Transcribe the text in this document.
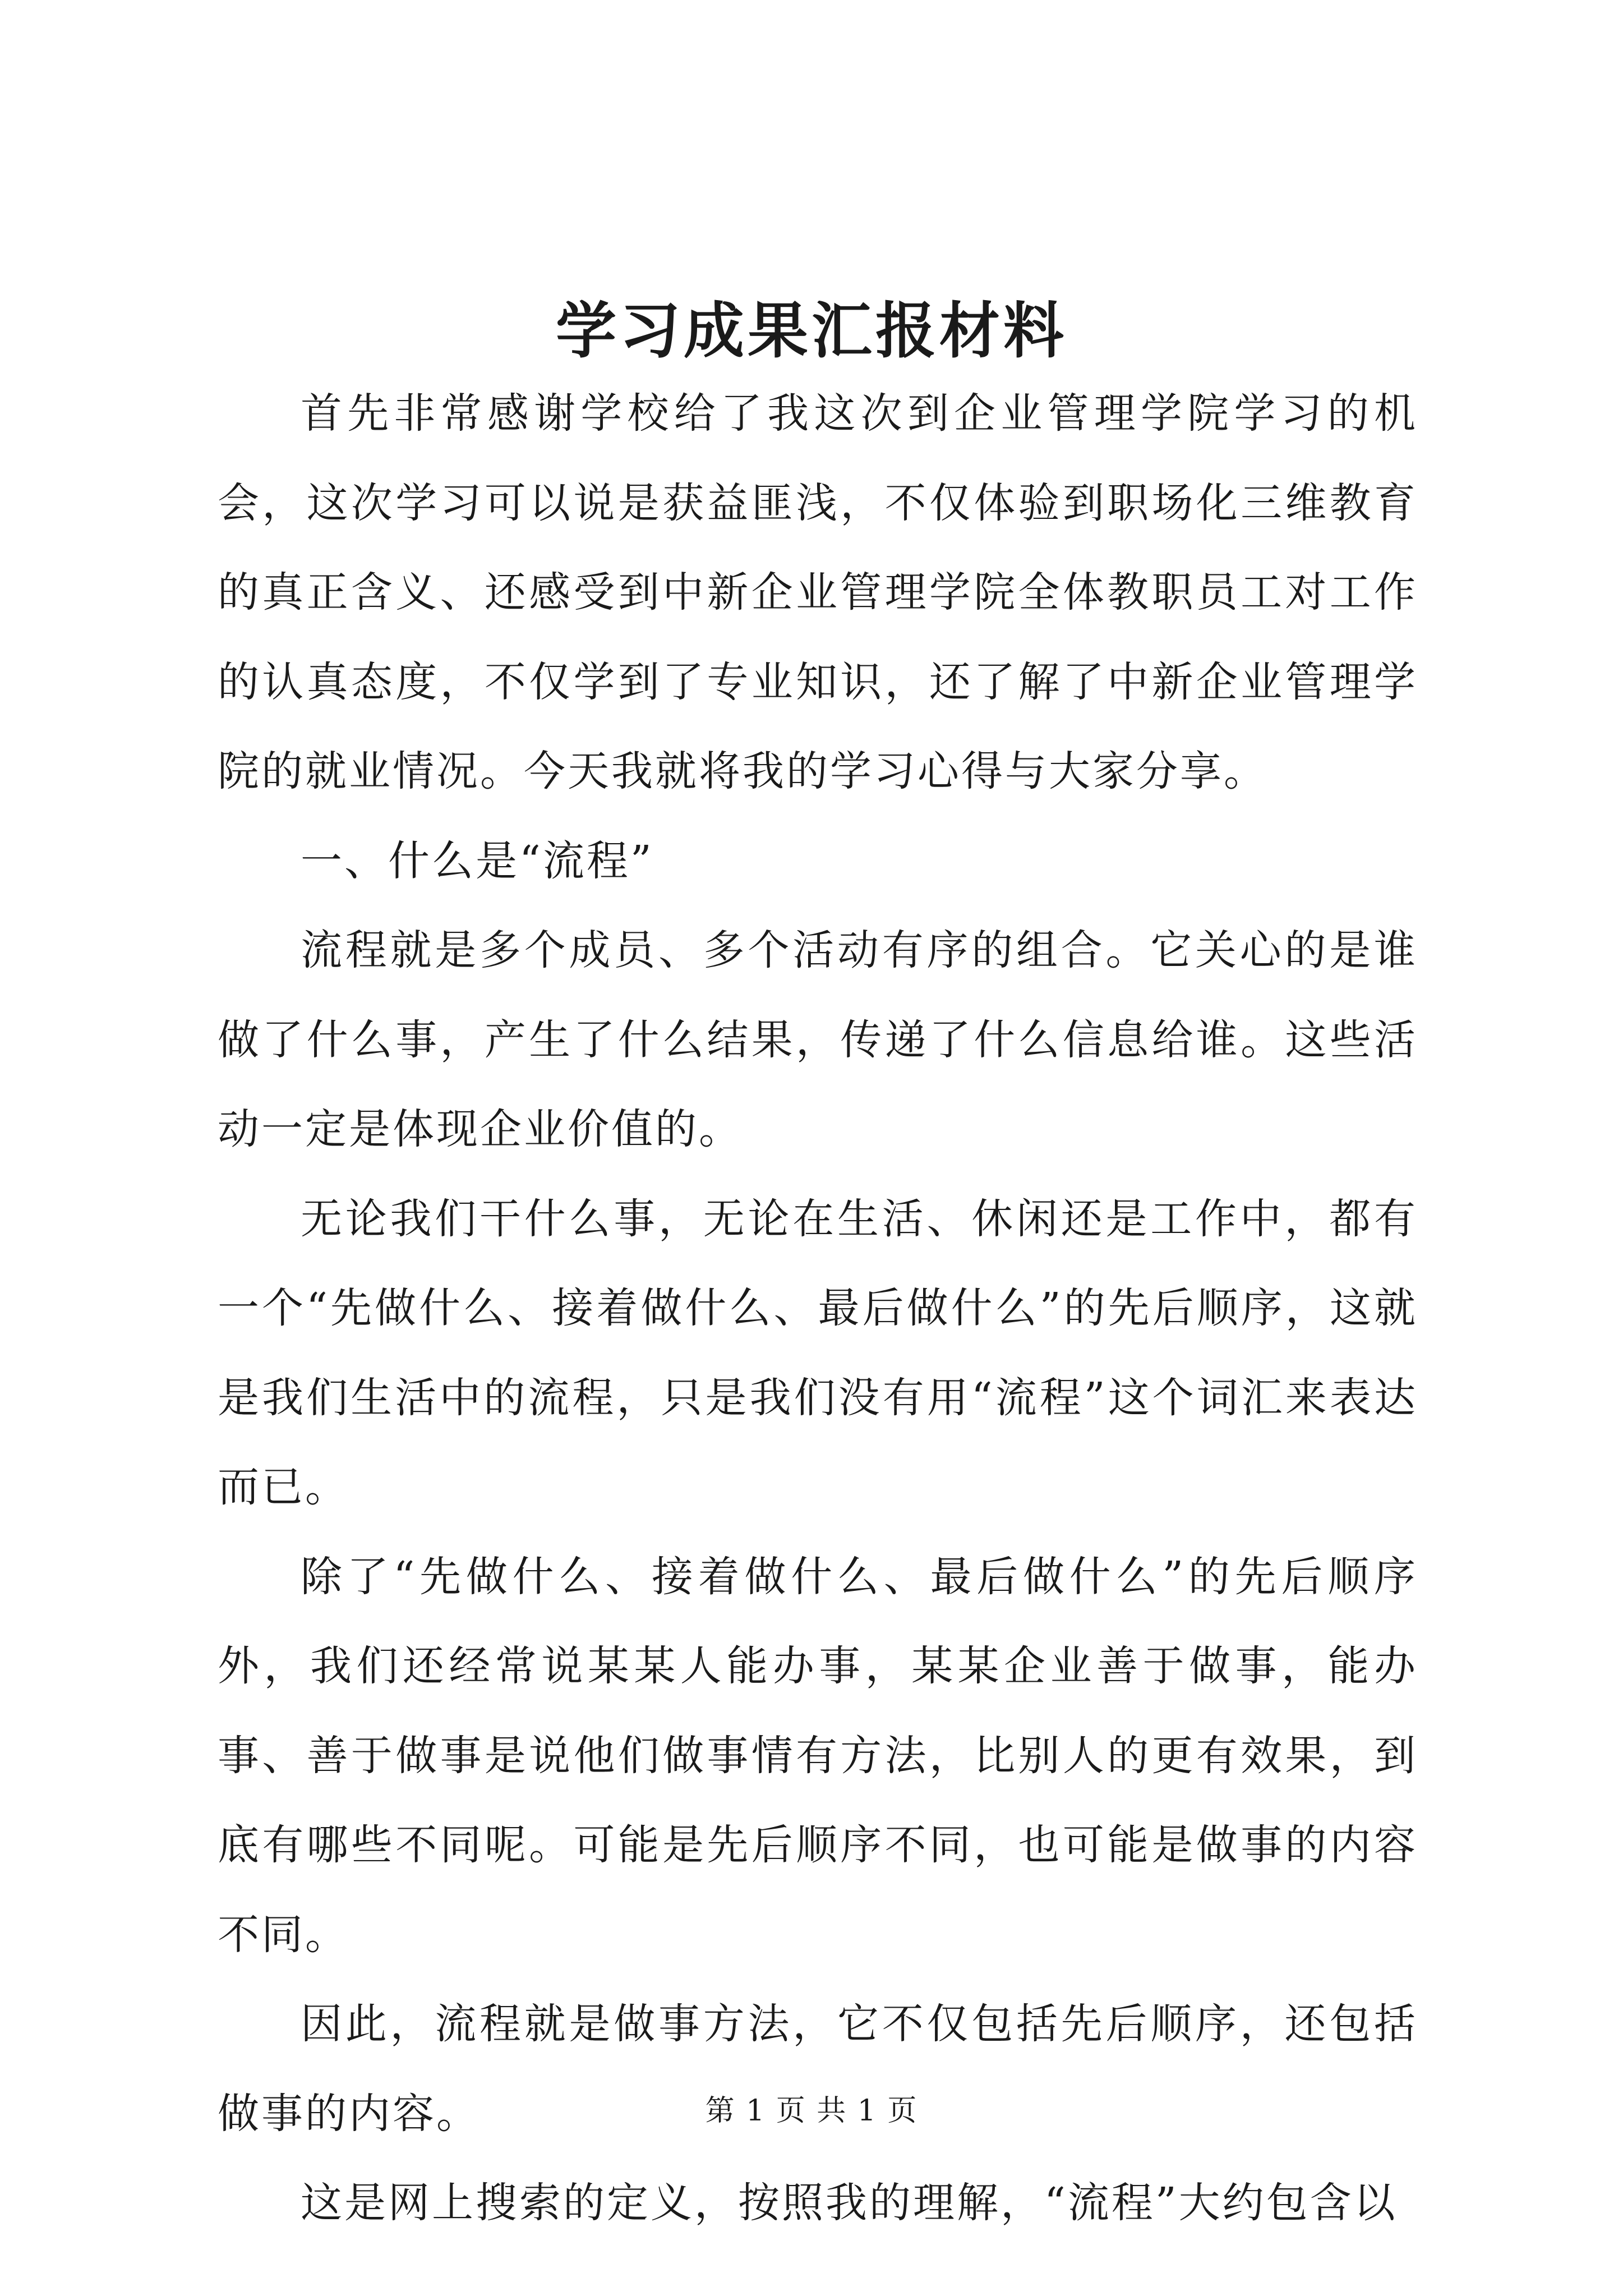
学习成果汇报材料

首先非常感谢学校给了我这次到企业管理学院学习的机会，这次学习可以说是获益匪浅，不仅体验到职场化三维教育的真正含义、还感受到中新企业管理学院全体教职员工对工作的认真态度，不仅学到了专业知识，还了解了中新企业管理学院的就业情况。今天我就将我的学习心得与大家分享。

一、什么是“流程”

流程就是多个成员、多个活动有序的组合。它关心的是谁做了什么事，产生了什么结果，传递了什么信息给谁。这些活动一定是体现企业价值的。

无论我们干什么事，无论在生活、休闲还是工作中，都有一个“先做什么、接着做什么、最后做什么”的先后顺序，这就是我们生活中的流程，只是我们没有用“流程”这个词汇来表达而已。

除了“先做什么、接着做什么、最后做什么”的先后顺序外，我们还经常说某某人能办事，某某企业善于做事，能办事、善于做事是说他们做事情有方法，比别人的更有效果，到底有哪些不同呢。可能是先后顺序不同，也可能是做事的内容不同。

因此，流程就是做事方法，它不仅包括先后顺序，还包括做事的内容。

这是网上搜索的定义，按照我的理解，“流程”大约包含以

第 1 页 共 1 页
